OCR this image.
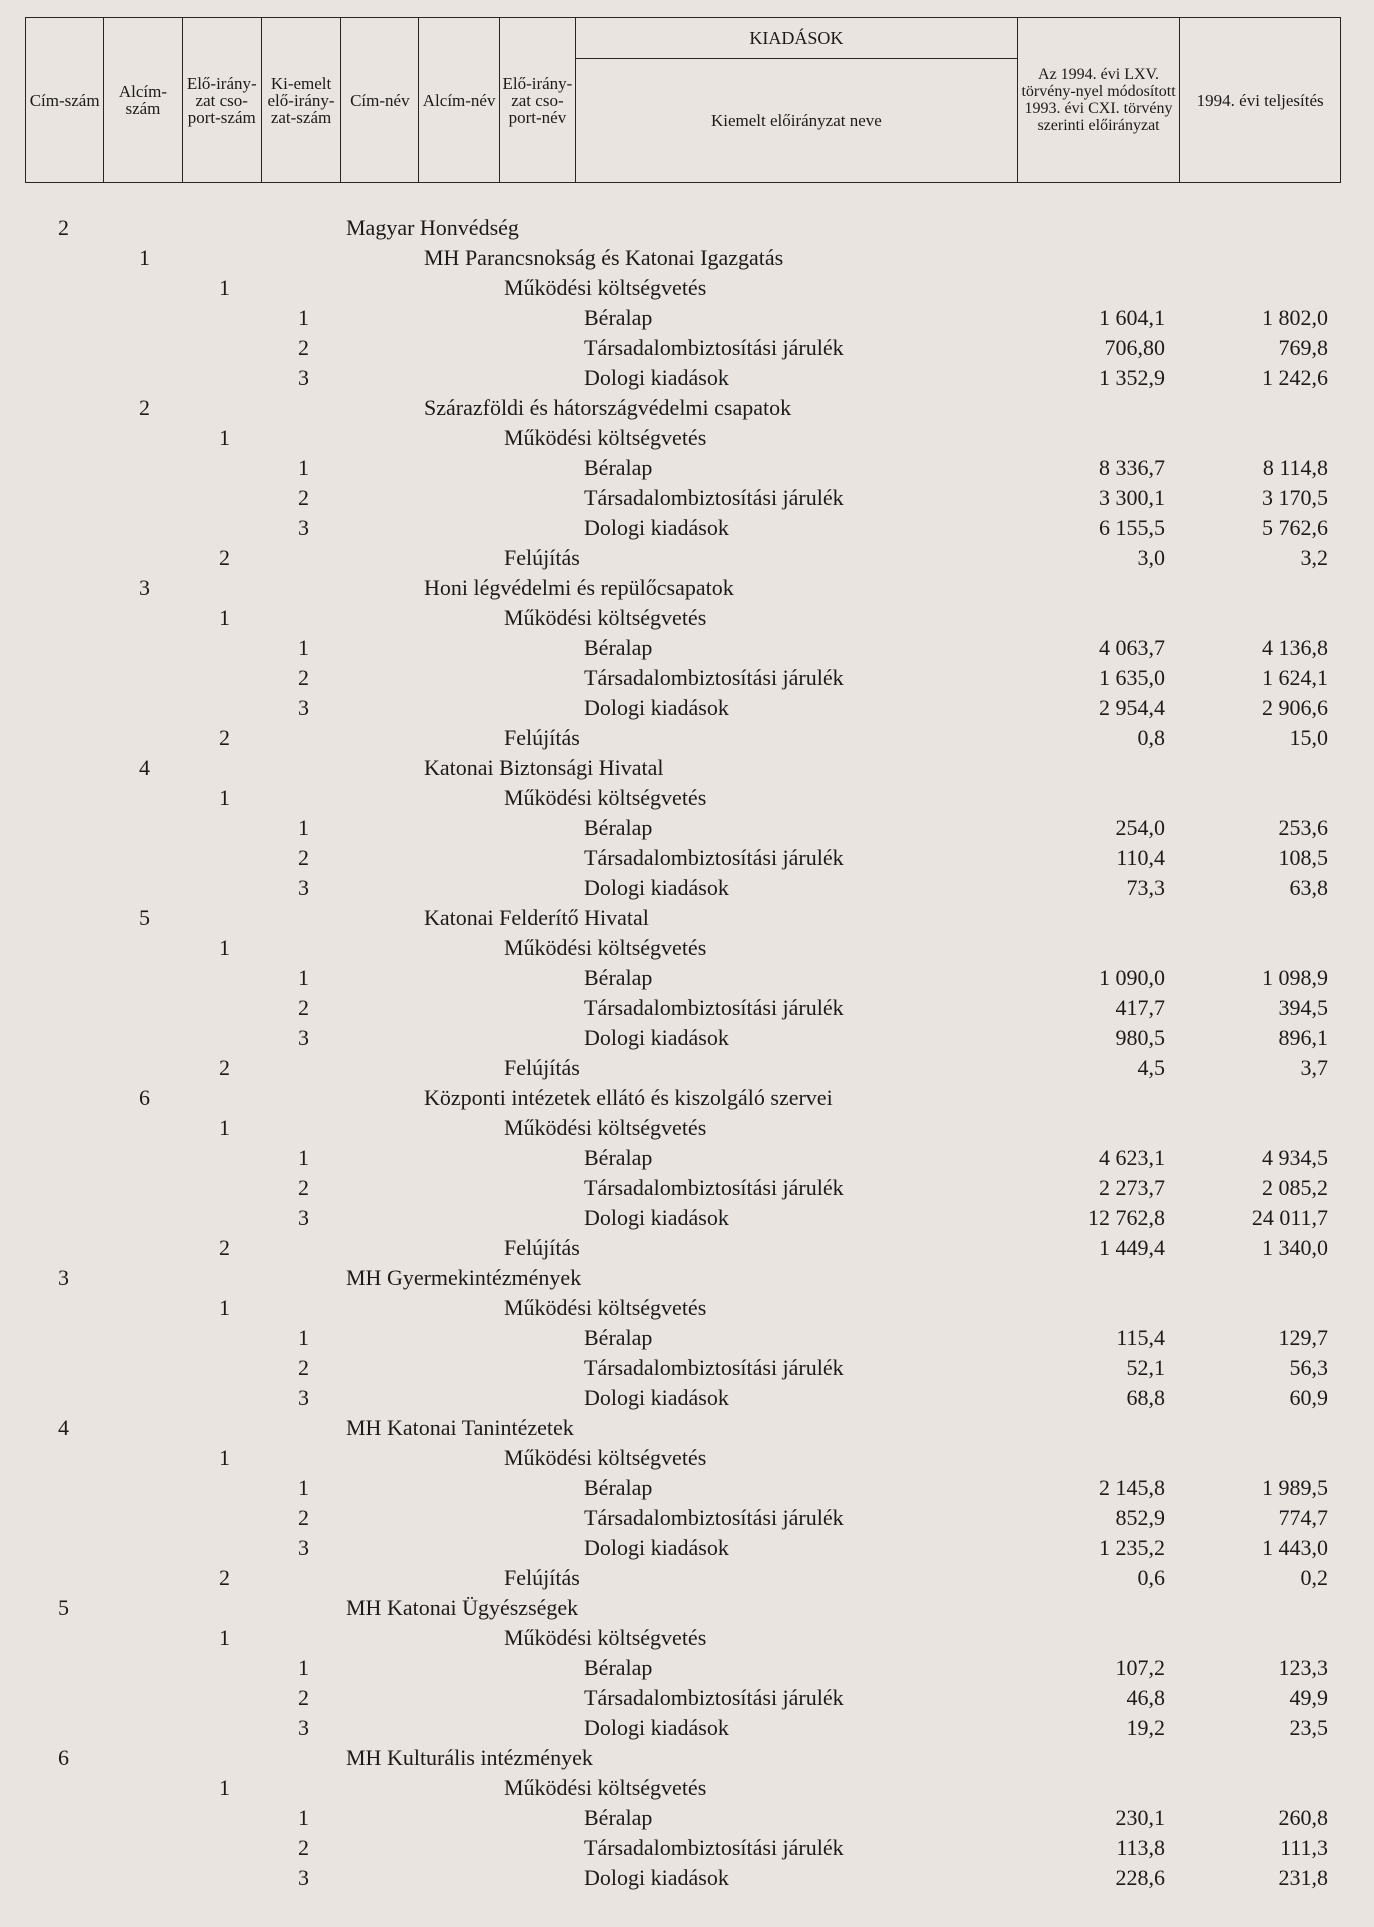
Cím-szám	Alcím-szám	Elő-irány-zat cso-port-szám	Ki-emelt elő-irány-zat-szám	Cím-név	Alcím-név	Elő-irány-zat cso-port-név	KIADÁSOK	Az 1994. évi LXV. törvény-nyel módosított 1993. évi CXI. törvény szerinti előirányzat	1994. évi teljesítés
Kiemelt előirányzat neve
2	Magyar Honvédség
1	MH Parancsnokság és Katonai Igazgatás
1	Működési költségvetés
1	Béralap	1 604,1	1 802,0
2	Társadalombiztosítási járulék	706,80	769,8
3	Dologi kiadások	1 352,9	1 242,6
2	Szárazföldi és hátországvédelmi csapatok
1	Működési költségvetés
1	Béralap	8 336,7	8 114,8
2	Társadalombiztosítási járulék	3 300,1	3 170,5
3	Dologi kiadások	6 155,5	5 762,6
2	Felújítás	3,0	3,2
3	Honi légvédelmi és repülőcsapatok
1	Működési költségvetés
1	Béralap	4 063,7	4 136,8
2	Társadalombiztosítási járulék	1 635,0	1 624,1
3	Dologi kiadások	2 954,4	2 906,6
2	Felújítás	0,8	15,0
4	Katonai Biztonsági Hivatal
1	Működési költségvetés
1	Béralap	254,0	253,6
2	Társadalombiztosítási járulék	110,4	108,5
3	Dologi kiadások	73,3	63,8
5	Katonai Felderítő Hivatal
1	Működési költségvetés
1	Béralap	1 090,0	1 098,9
2	Társadalombiztosítási járulék	417,7	394,5
3	Dologi kiadások	980,5	896,1
2	Felújítás	4,5	3,7
6	Központi intézetek ellátó és kiszolgáló szervei
1	Működési költségvetés
1	Béralap	4 623,1	4 934,5
2	Társadalombiztosítási járulék	2 273,7	2 085,2
3	Dologi kiadások	12 762,8	24 011,7
2	Felújítás	1 449,4	1 340,0
3	MH Gyermekintézmények
1	Működési költségvetés
1	Béralap	115,4	129,7
2	Társadalombiztosítási járulék	52,1	56,3
3	Dologi kiadások	68,8	60,9
4	MH Katonai Tanintézetek
1	Működési költségvetés
1	Béralap	2 145,8	1 989,5
2	Társadalombiztosítási járulék	852,9	774,7
3	Dologi kiadások	1 235,2	1 443,0
2	Felújítás	0,6	0,2
5	MH Katonai Ügyészségek
1	Működési költségvetés
1	Béralap	107,2	123,3
2	Társadalombiztosítási járulék	46,8	49,9
3	Dologi kiadások	19,2	23,5
6	MH Kulturális intézmények
1	Működési költségvetés
1	Béralap	230,1	260,8
2	Társadalombiztosítási járulék	113,8	111,3
3	Dologi kiadások	228,6	231,8
